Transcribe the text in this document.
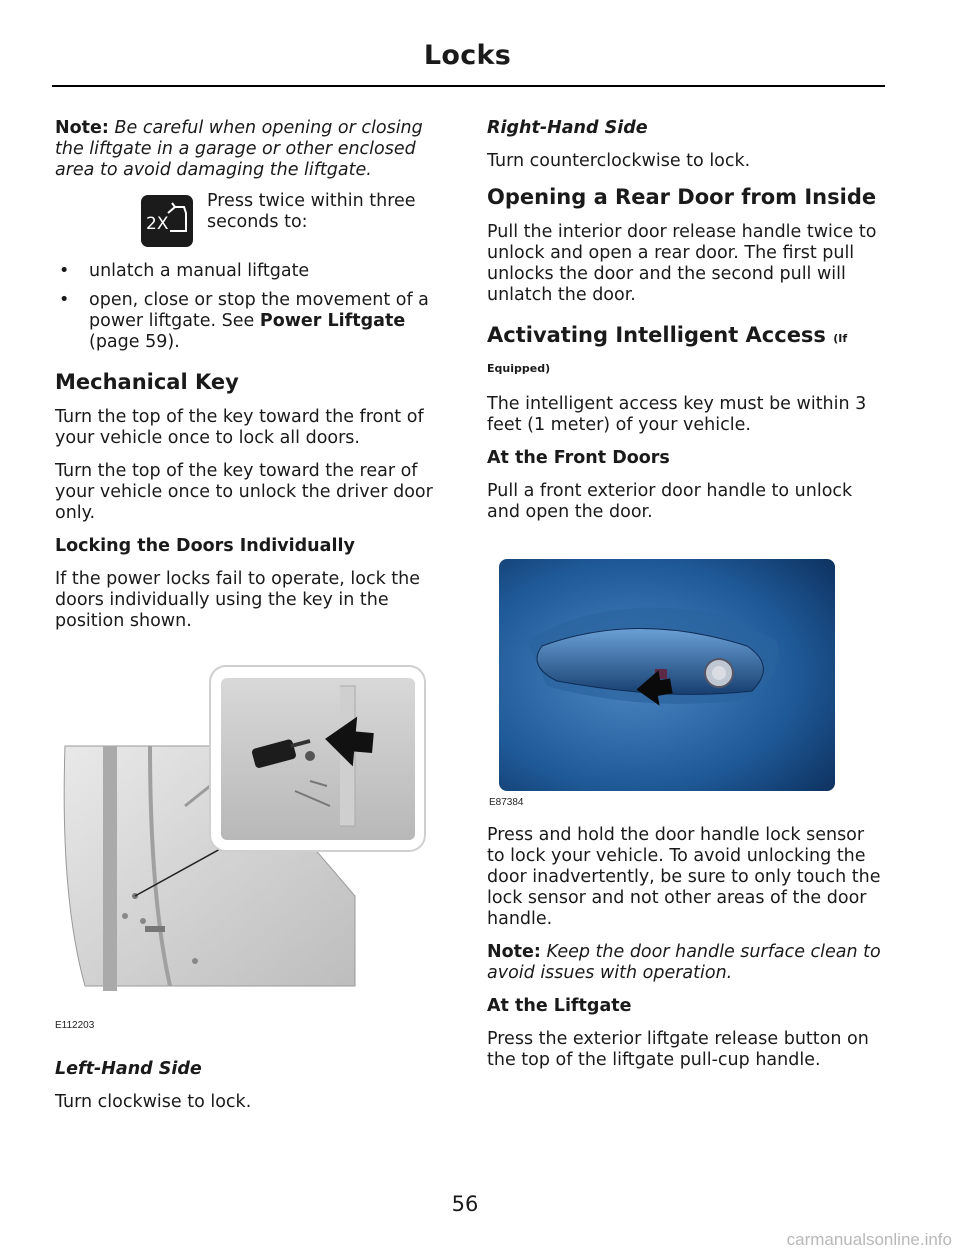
Locks

Note: Be careful when opening or closing the liftgate in a garage or other enclosed area to avoid damaging the liftgate.

2X

Press twice within three seconds to:

• unlatch a manual liftgate
• open, close or stop the movement of a power liftgate. See Power Liftgate (page 59).
Mechanical Key

Turn the top of the key toward the front of your vehicle once to lock all doors.

Turn the top of the key toward the rear of your vehicle once to unlock the driver door only.

Locking the Doors Individually

If the power locks fail to operate, lock the doors individually using the key in the position shown.

E112203
Left-Hand Side

Turn clockwise to lock.

Right-Hand Side

Turn counterclockwise to lock.

Opening a Rear Door from Inside

Pull the interior door release handle twice to unlock and open a rear door. The first pull unlocks the door and the second pull will unlatch the door.

Activating Intelligent Access (If Equipped)

The intelligent access key must be within 3 feet (1 meter) of your vehicle.

At the Front Doors

Pull a front exterior door handle to unlock and open the door.

E87384

Press and hold the door handle lock sensor to lock your vehicle. To avoid unlocking the door inadvertently, be sure to only touch the lock sensor and not other areas of the door handle.

Note: Keep the door handle surface clean to avoid issues with operation.

At the Liftgate

Press the exterior liftgate release button on the top of the liftgate pull-cup handle.

56
carmanualsonline.info
